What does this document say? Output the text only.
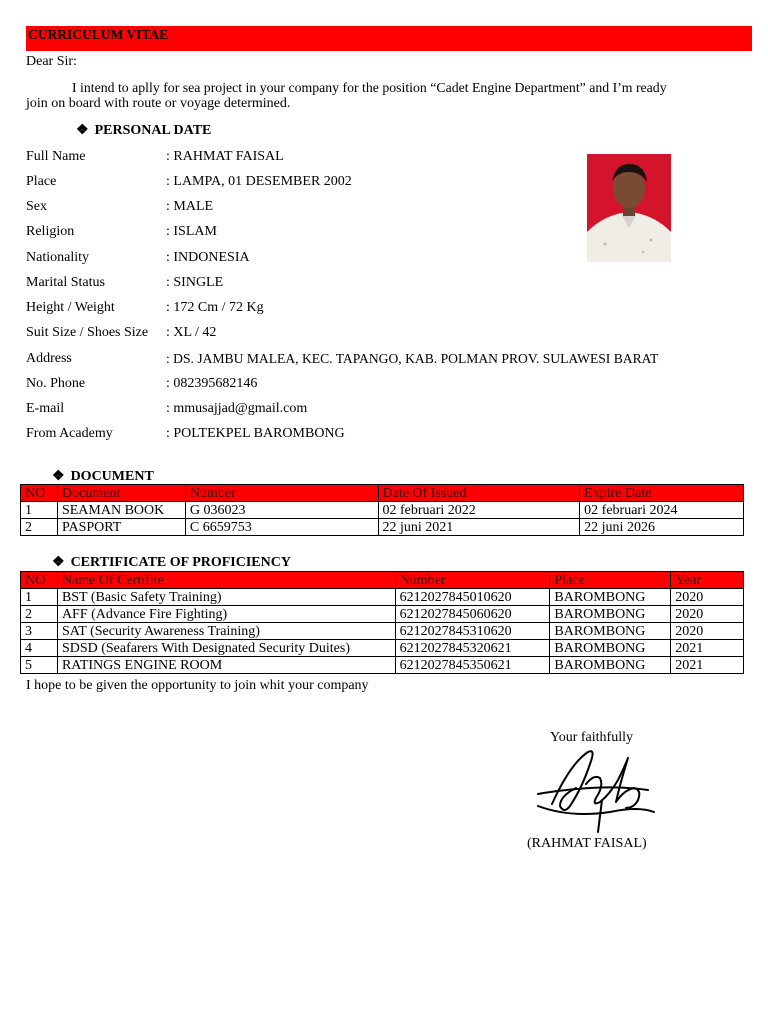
CURRICULUM VITAE
Dear Sir:
I intend to aplly for sea project in your company for the position “Cadet Engine Department” and I’m ready
join on board with route or voyage determined.
❖ PERSONAL DATE
Full Name	: RAHMAT FAISAL
Place	: LAMPA, 01 DESEMBER 2002
Sex	: MALE
Religion	: ISLAM
Nationality	: INDONESIA
Marital Status	: SINGLE
Height / Weight	: 172 Cm / 72 Kg
Suit Size / Shoes Size : XL / 42
Address	: DS. JAMBU MALEA, KEC. TAPANGO, KAB. POLMAN PROV. SULAWESI BARAT
No. Phone	: 082395682146
E-mail	: mmusajjad@gmail.com
From Academy	: POLTEKPEL BAROMBONG
❖ DOCUMENT
NO	Document	Number	Date Of Issued	Expire Date
1	SEAMAN BOOK	G 036023	02 februari 2022	02 februari 2024
2	PASPORT	C 6659753	22 juni 2021	22 juni 2026
❖ CERTIFICATE OF PROFICIENCY
NO	Name Of Certifite	Number	Place	Year
1	BST (Basic Safety Training)	6212027845010620	BAROMBONG	2020
2	AFF (Advance Fire Fighting)	6212027845060620	BAROMBONG	2020
3	SAT (Security Awareness Training)	6212027845310620	BAROMBONG	2020
4	SDSD (Seafarers With Designated Security Duites)	6212027845320621	BAROMBONG	2021
5	RATINGS ENGINE ROOM	6212027845350621	BAROMBONG	2021
I hope to be given the opportunity to join whit your company
Your faithfully
(RAHMAT FAISAL)
